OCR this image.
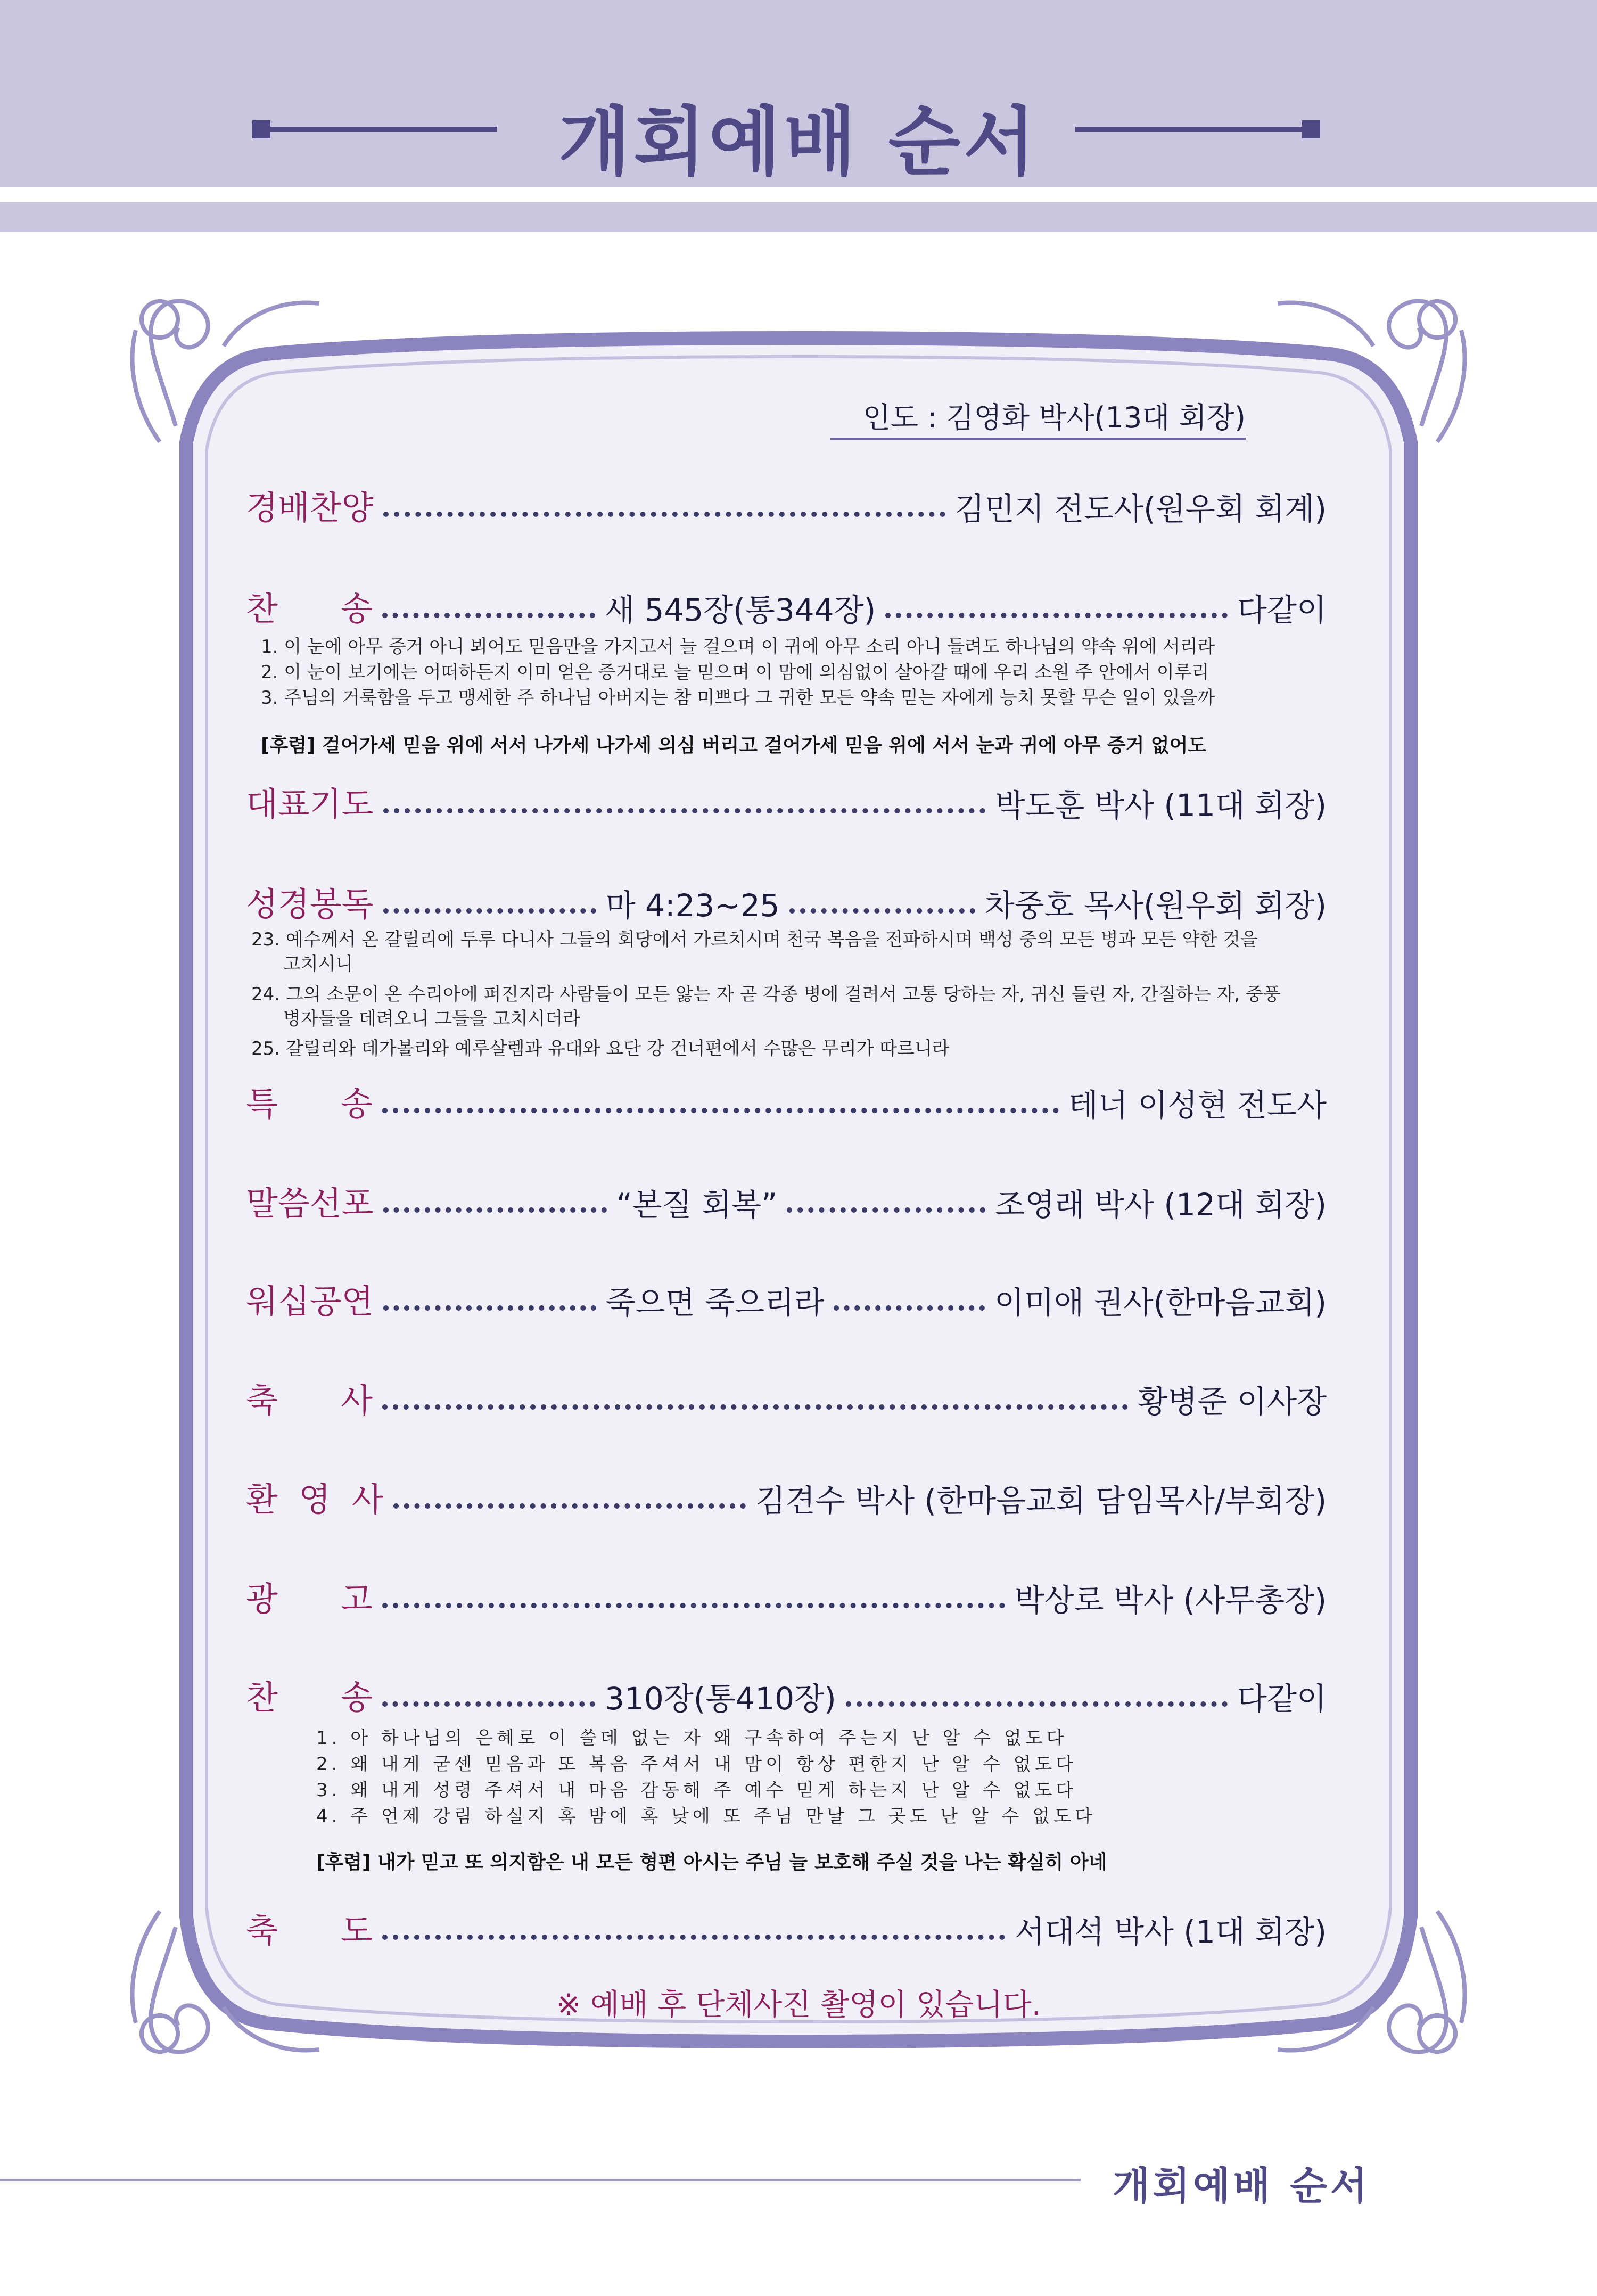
개회예배 순서
인도 : 김영화 박사(13대 회장)
경배찬양	김민지 전도사(원우회 회계)
찬      송	새 545장(통344장)	다같이
1. 이 눈에 아무 증거 아니 뵈어도 믿음만을 가지고서 늘 걸으며 이 귀에 아무 소리 아니 들려도 하나님의 약속 위에 서리라
2. 이 눈이 보기에는 어떠하든지 이미 얻은 증거대로 늘 믿으며 이 맘에 의심없이 살아갈 때에 우리 소원 주 안에서 이루리
3. 주님의 거룩함을 두고 맹세한 주 하나님 아버지는 참 미쁘다 그 귀한 모든 약속 믿는 자에게 능치 못할 무슨 일이 있을까
[후렴] 걸어가세 믿음 위에 서서 나가세 나가세 의심 버리고 걸어가세 믿음 위에 서서 눈과 귀에 아무 증거 없어도
대표기도	박도훈 박사 (11대 회장)
성경봉독	마 4:23~25	차중호 목사(원우회 회장)
23. 예수께서 온 갈릴리에 두루 다니사 그들의 회당에서 가르치시며 천국 복음을 전파하시며 백성 중의 모든 병과 모든 약한 것을
고치시니
24. 그의 소문이 온 수리아에 퍼진지라 사람들이 모든 앓는 자 곧 각종 병에 걸려서 고통 당하는 자, 귀신 들린 자, 간질하는 자, 중풍
병자들을 데려오니 그들을 고치시더라
25. 갈릴리와 데가볼리와 예루살렘과 유대와 요단 강 건너편에서 수많은 무리가 따르니라
특      송	테너 이성현 전도사
말씀선포	“본질 회복”	조영래 박사 (12대 회장)
워십공연	죽으면 죽으리라	이미애 권사(한마음교회)
축      사	황병준 이사장
환  영  사	김견수 박사 (한마음교회 담임목사/부회장)
광      고	박상로 박사 (사무총장)
찬      송	310장(통410장)	다같이
1. 아 하나님의 은혜로 이 쓸데 없는 자 왜 구속하여 주는지 난 알 수 없도다
2. 왜 내게 굳센 믿음과 또 복음 주셔서 내 맘이 항상 편한지 난 알 수 없도다
3. 왜 내게 성령 주셔서 내 마음 감동해 주 예수 믿게 하는지 난 알 수 없도다
4. 주 언제 강림 하실지 혹 밤에 혹 낮에 또 주님 만날 그 곳도 난 알 수 없도다
[후렴] 내가 믿고 또 의지함은 내 모든 형편 아시는 주님 늘 보호해 주실 것을 나는 확실히 아네
축      도	서대석 박사 (1대 회장)
※ 예배 후 단체사진 촬영이 있습니다.
개회예배 순서
